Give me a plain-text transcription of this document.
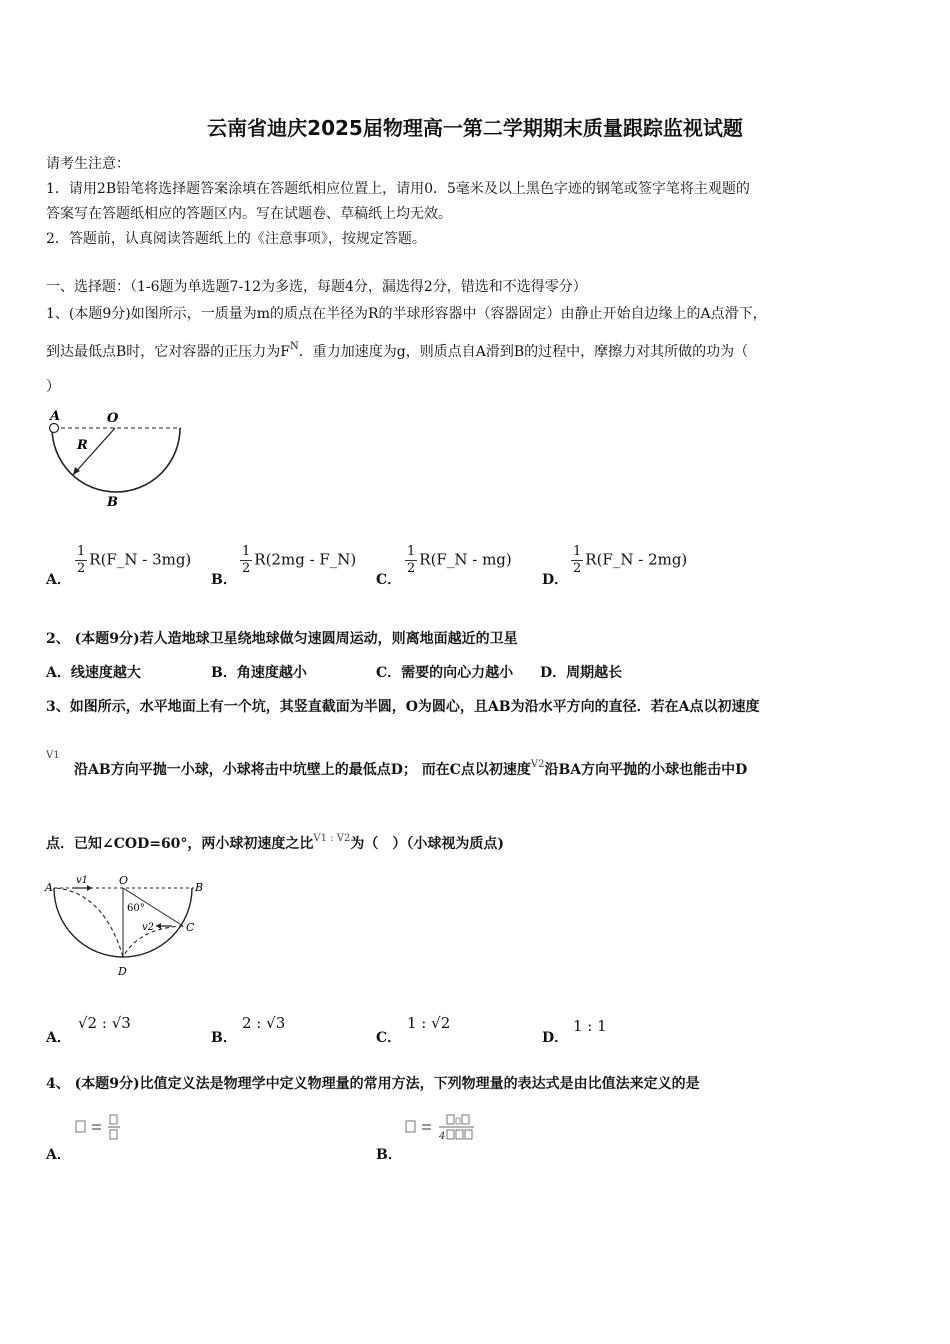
云南省迪庆2025届物理高一第二学期期末质量跟踪监视试题
请考生注意：
1．请用2B铅笔将选择题答案涂填在答题纸相应位置上，请用0．5毫米及以上黑色字迹的钢笔或签字笔将主观题的
答案写在答题纸相应的答题区内。写在试题卷、草稿纸上均无效。
2．答题前，认真阅读答题纸上的《注意事项》，按规定答题。
一、选择题：（1-6题为单选题7-12为多选，每题4分，漏选得2分，错选和不选得零分）
1、(本题9分)如图所示，一质量为m的质点在半径为R的半球形容器中（容器固定）由静止开始自边缘上的A点滑下，
到达最低点B时，它对容器的正压力为$F_N$．重力加速度为g，则质点自A滑到B的过程中，摩擦力对其所做的功为（
）
A	O
R
B
A．
$\frac{1}{2}$ R(F_N - 3mg)
B．
$\frac{1}{2} R(2mg$ - F_N)
C．
$\frac{1}{2}$ R(F_N - mg)
D．
$\frac{1}{2}$ R(F_N - 2mg)
2、 (本题9分)若人造地球卫星绕地球做匀速圆周运动，则离地面越近的卫星
A．线速度越大	B．角速度越小	C．需要的向心力越小 D．周期越长
3、如图所示，水平地面上有一个坑，其竖直截面为半圆，O为圆心，且AB为沿水平方向的直径．若在A点以初速度
V1
沿AB方向平抛一小球，小球将击中坑壁上的最低点D； 而在C点以初速度$^{V2}$沿BA方向平抛的小球也能击中D
点．已知∠COD=60°，两小球初速度之比$^{V1 : V2}$为（　）（小球视为质点)
A
O
B
C
D
v1
v2
60°
A．
√2 : √3
B．
2 : √3
C．
1 : √2
D．
1 : 1
4、 (本题9分)比值定义法是物理学中定义物理量的常用方法，下列物理量的表达式是由比值法来定义的是
A．
4
B．
